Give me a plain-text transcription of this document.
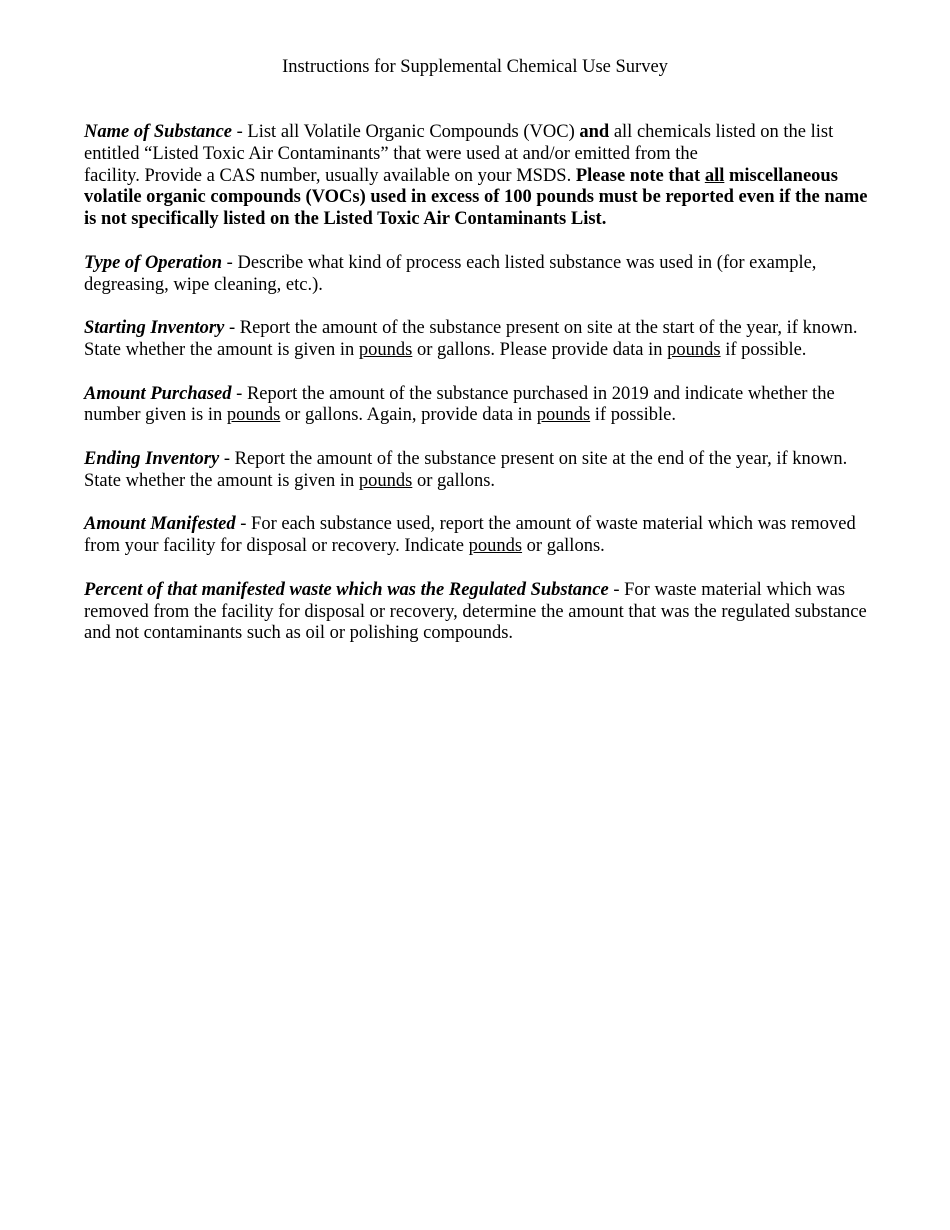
Instructions for Supplemental Chemical Use Survey

Name of Substance - List all Volatile Organic Compounds (VOC) and all chemicals listed on the list entitled “Listed Toxic Air Contaminants” that were used at and/or emitted from the
facility. Provide a CAS number, usually available on your MSDS. Please note that all miscellaneous volatile organic compounds (VOCs) used in excess of 100 pounds must be reported even if the name is not specifically listed on the Listed Toxic Air Contaminants List.

Type of Operation - Describe what kind of process each listed substance was used in (for example, degreasing, wipe cleaning, etc.).

Starting Inventory - Report the amount of the substance present on site at the start of the year, if known. State whether the amount is given in pounds or gallons. Please provide data in pounds if possible.

Amount Purchased - Report the amount of the substance purchased in 2019 and indicate whether the number given is in pounds or gallons. Again, provide data in pounds if possible.

Ending Inventory - Report the amount of the substance present on site at the end of the year, if known. State whether the amount is given in pounds or gallons.

Amount Manifested - For each substance used, report the amount of waste material which was removed from your facility for disposal or recovery. Indicate pounds or gallons.

Percent of that manifested waste which was the Regulated Substance - For waste material which was removed from the facility for disposal or recovery, determine the amount that was the regulated substance and not contaminants such as oil or polishing compounds.
